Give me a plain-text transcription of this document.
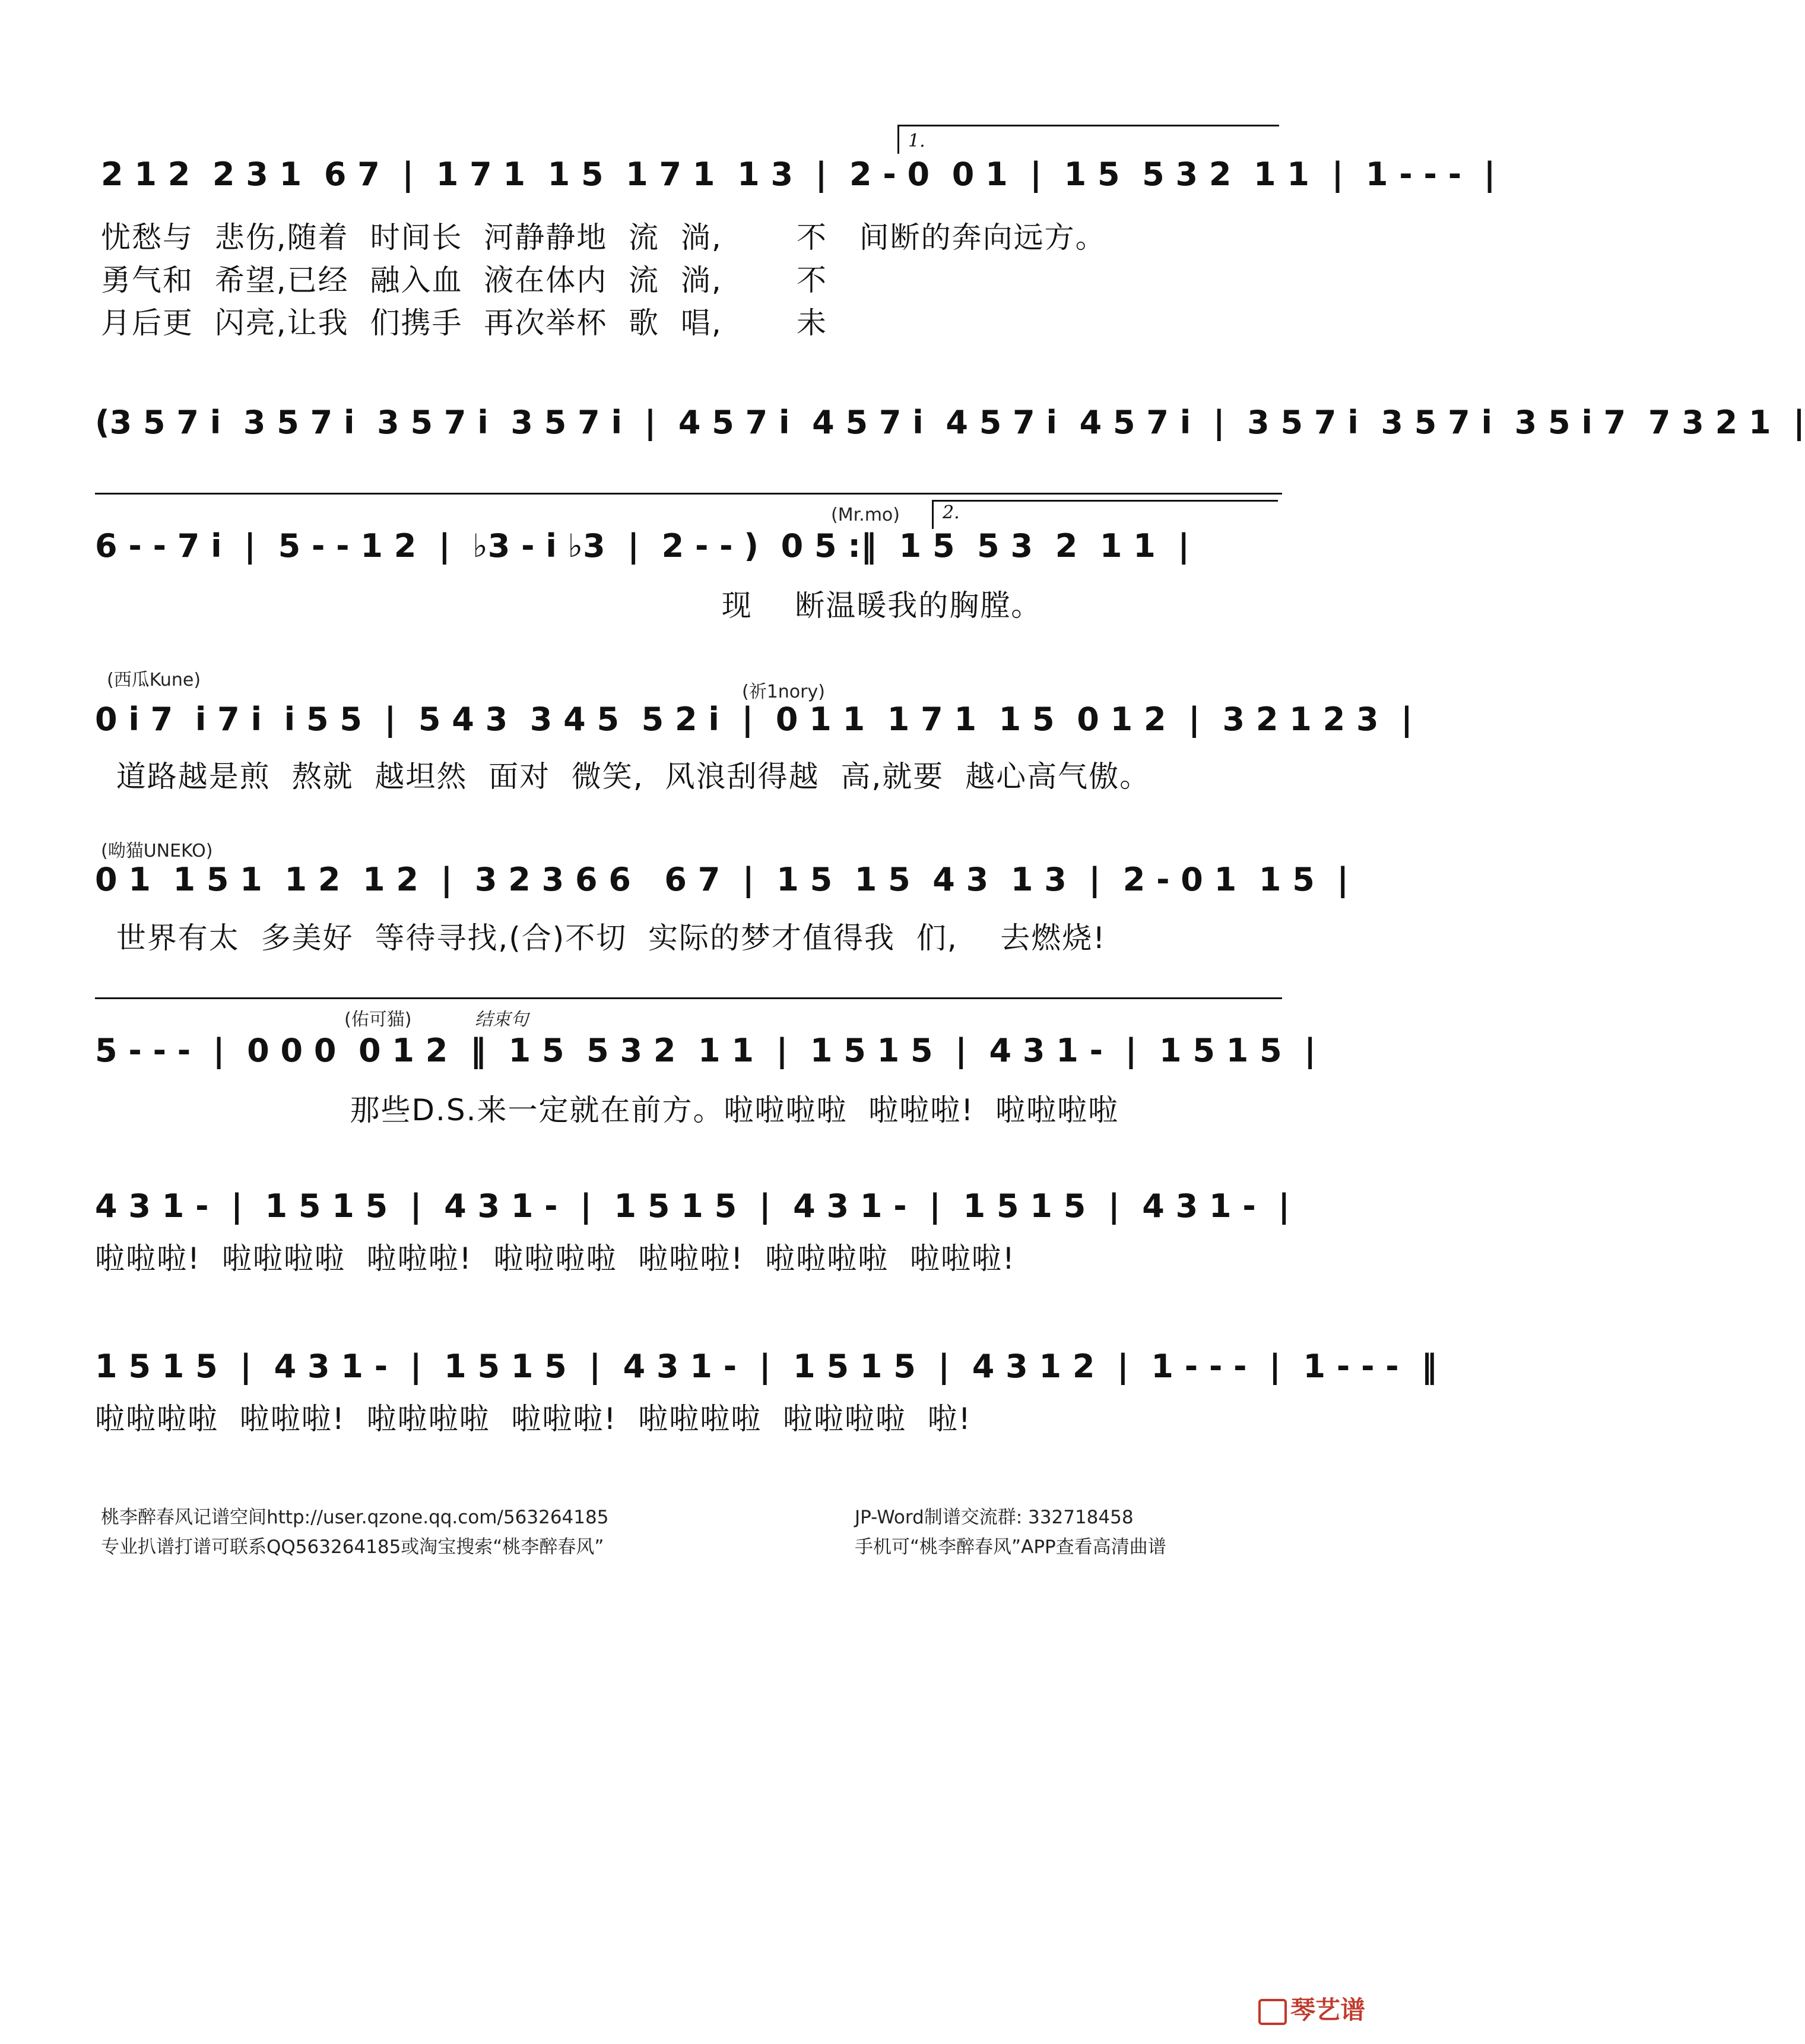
1.
2 1 2  2 3 1  6 7  |  1 7 1  1 5  1 7 1  1 3  |  2 - 0  0 1  |  1 5  5 3 2  1 1  |  1 - - -  |
忧愁与  悲伤,随着  时间长  河静静地  流  淌,       不   间断的奔向远方。
勇气和  希望,已经  融入血  液在体内  流  淌,       不
月后更  闪亮,让我  们携手  再次举杯  歌  唱,       未
(3 5 7 i  3 5 7 i  3 5 7 i  3 5 7 i  |  4 5 7 i  4 5 7 i  4 5 7 i  4 5 7 i  |  3 5 7 i  3 5 7 i  3 5 i 7  7 3 2 1  |
(Mr.mo) 2.
6 - - 7 i  |  5 - - 1 2  |  ♭3 - i ♭3  |  2 - - )  0 5 :‖  1 5  5 3  2  1 1  |
现    断温暖我的胸膛。
(西瓜Kune)
(祈1nory)
0 i 7  i 7 i  i 5 5  |  5 4 3  3 4 5  5 2 i  |  0 1 1  1 7 1  1 5  0 1 2  |  3 2 1 2 3  |
道路越是煎  熬就  越坦然  面对  微笑,  风浪刮得越  高,就要  越心高气傲。
(呦猫UNEKO)
0 1  1 5 1  1 2  1 2  |  3 2 3 6 6   6 7  |  1 5  1 5  4 3  1 3  |  2 - 0 1  1 5  |
世界有太  多美好  等待寻找,(合)不切  实际的梦才值得我  们,    去燃烧!
(佑可猫)	结束句
5 - - -  |  0 0 0  0 1 2  ‖  1 5  5 3 2  1 1  |  1 5 1 5  |  4 3 1 -  |  1 5 1 5  |
那些D.S.来一定就在前方。啦啦啦啦  啦啦啦!  啦啦啦啦
4 3 1 -  |  1 5 1 5  |  4 3 1 -  |  1 5 1 5  |  4 3 1 -  |  1 5 1 5  |  4 3 1 -  |
啦啦啦!  啦啦啦啦  啦啦啦!  啦啦啦啦  啦啦啦!  啦啦啦啦  啦啦啦!
1 5 1 5  |  4 3 1 -  |  1 5 1 5  |  4 3 1 -  |  1 5 1 5  |  4 3 1 2  |  1 - - -  |  1 - - -  ‖
啦啦啦啦  啦啦啦!  啦啦啦啦  啦啦啦!  啦啦啦啦  啦啦啦啦  啦!
桃李醉春风记谱空间http://user.qzone.qq.com/563264185
专业扒谱打谱可联系QQ563264185或淘宝搜索“桃李醉春风”
JP-Word制谱交流群: 332718458
手机可“桃李醉春风”APP查看高清曲谱
琴艺谱
